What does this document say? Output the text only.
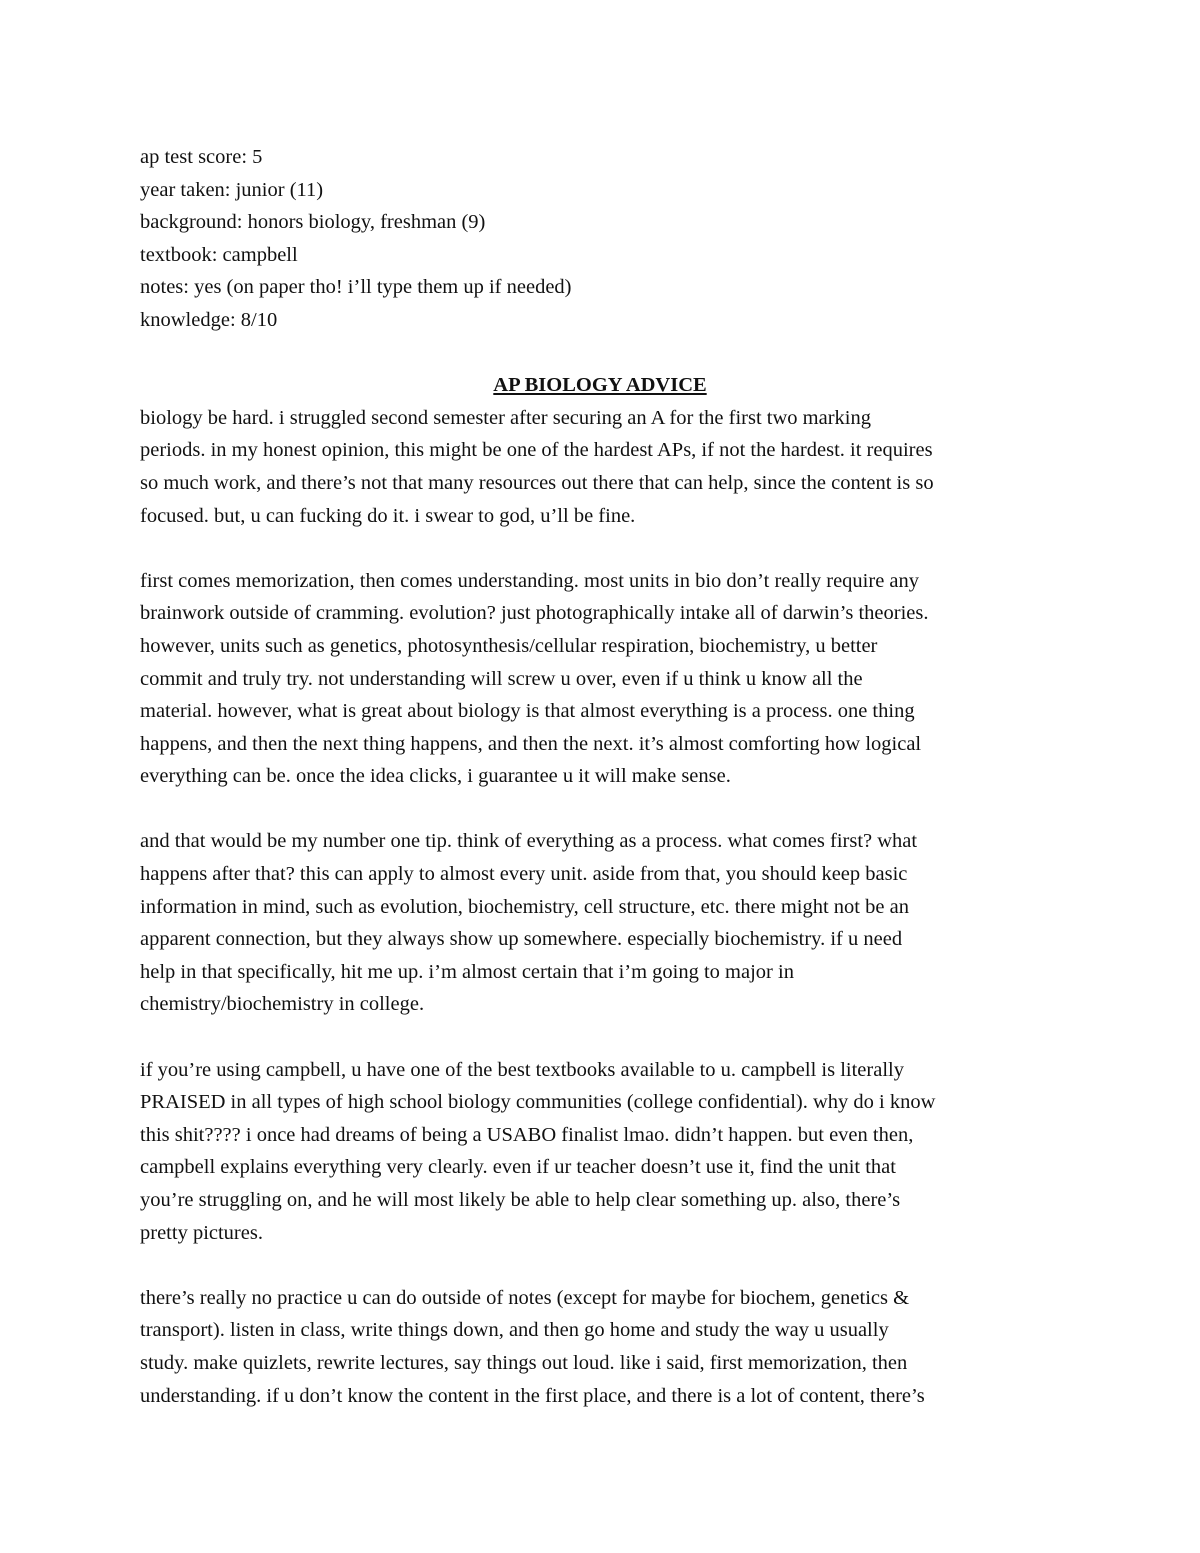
ap test score: 5
year taken: junior (11)
background: honors biology, freshman (9)
textbook: campbell
notes: yes (on paper tho! i’ll type them up if needed)
knowledge: 8/10
AP BIOLOGY ADVICE

biology be hard. i struggled second semester after securing an A for the first two marking
periods. in my honest opinion, this might be one of the hardest APs, if not the hardest. it requires
so much work, and there’s not that many resources out there that can help, since the content is so
focused. but, u can fucking do it. i swear to god, u’ll be fine.

first comes memorization, then comes understanding. most units in bio don’t really require any
brainwork outside of cramming. evolution? just photographically intake all of darwin’s theories.
however, units such as genetics, photosynthesis/cellular respiration, biochemistry, u better
commit and truly try. not understanding will screw u over, even if u think u know all the
material. however, what is great about biology is that almost everything is a process. one thing
happens, and then the next thing happens, and then the next. it’s almost comforting how logical
everything can be. once the idea clicks, i guarantee u it will make sense.

and that would be my number one tip. think of everything as a process. what comes first? what
happens after that? this can apply to almost every unit. aside from that, you should keep basic
information in mind, such as evolution, biochemistry, cell structure, etc. there might not be an
apparent connection, but they always show up somewhere. especially biochemistry. if u need
help in that specifically, hit me up. i’m almost certain that i’m going to major in
chemistry/biochemistry in college.

if you’re using campbell, u have one of the best textbooks available to u. campbell is literally
PRAISED in all types of high school biology communities (college confidential). why do i know
this shit???? i once had dreams of being a USABO finalist lmao. didn’t happen. but even then,
campbell explains everything very clearly. even if ur teacher doesn’t use it, find the unit that
you’re struggling on, and he will most likely be able to help clear something up. also, there’s
pretty pictures.

there’s really no practice u can do outside of notes (except for maybe for biochem, genetics &
transport). listen in class, write things down, and then go home and study the way u usually
study. make quizlets, rewrite lectures, say things out loud. like i said, first memorization, then
understanding. if u don’t know the content in the first place, and there is a lot of content, there’s
